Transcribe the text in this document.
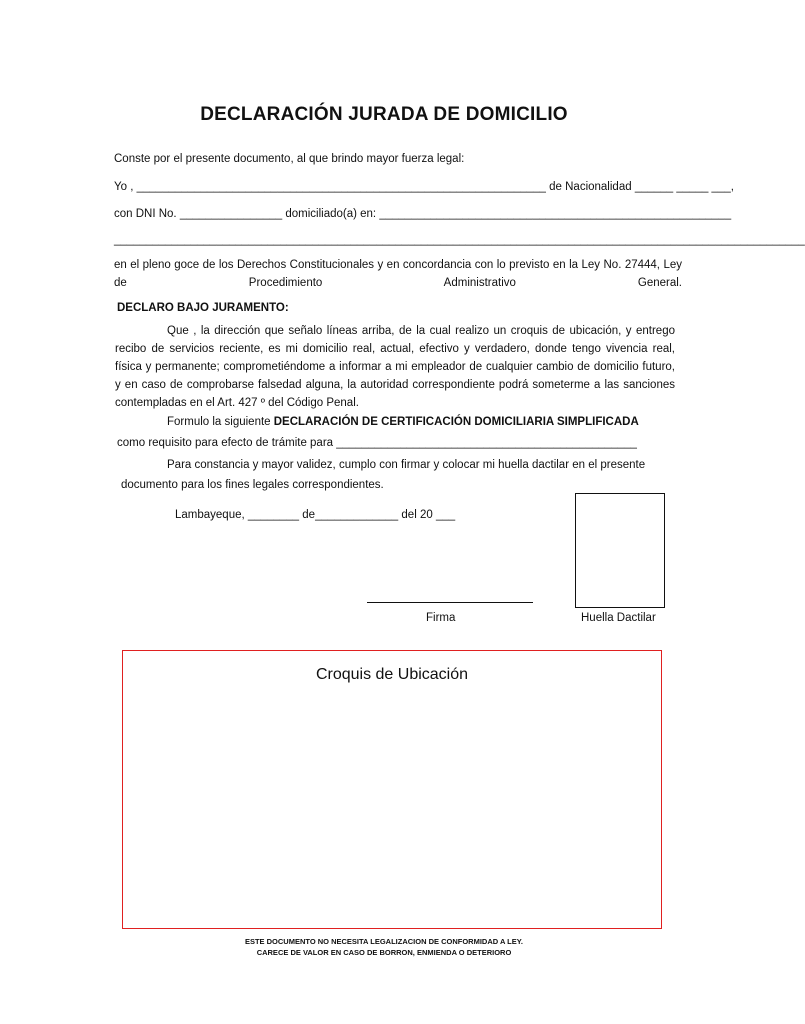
DECLARACIÓN JURADA DE DOMICILIO
Conste por el presente documento, al que brindo mayor fuerza legal:
Yo , ________________________________________________________________ de Nacionalidad ______ _____ ___,
con DNI No. ________________ domiciliado(a) en: _______________________________________________________
____________________________________________________________________________________________________________
en el pleno goce de los Derechos Constitucionales y en concordancia con lo previsto en la Ley No. 27444, Ley de Procedimiento Administrativo General.
DECLARO BAJO JURAMENTO:
Que , la dirección que señalo líneas arriba, de la cual realizo un croquis de ubicación, y entrego recibo de servicios reciente, es mi domicilio real, actual, efectivo y verdadero, donde tengo vivencia real, física y permanente; comprometiéndome a informar a mi empleador de cualquier cambio de domicilio futuro, y en caso de comprobarse falsedad alguna, la autoridad correspondiente podrá someterme a las sanciones contempladas en el Art. 427 º del Código Penal.
Formulo la siguiente DECLARACIÓN DE CERTIFICACIÓN DOMICILIARIA SIMPLIFICADA
como requisito para efecto de trámite para _______________________________________________
Para constancia y mayor validez, cumplo con firmar y colocar mi huella dactilar en el presente
documento para los fines legales correspondientes.
Lambayeque, ________ de_____________ del 20 ___
Firma	Huella Dactilar
Croquis de Ubicación
ESTE DOCUMENTO NO NECESITA LEGALIZACION DE CONFORMIDAD A LEY.
CARECE DE VALOR EN CASO DE BORRON, ENMIENDA O DETERIORO
